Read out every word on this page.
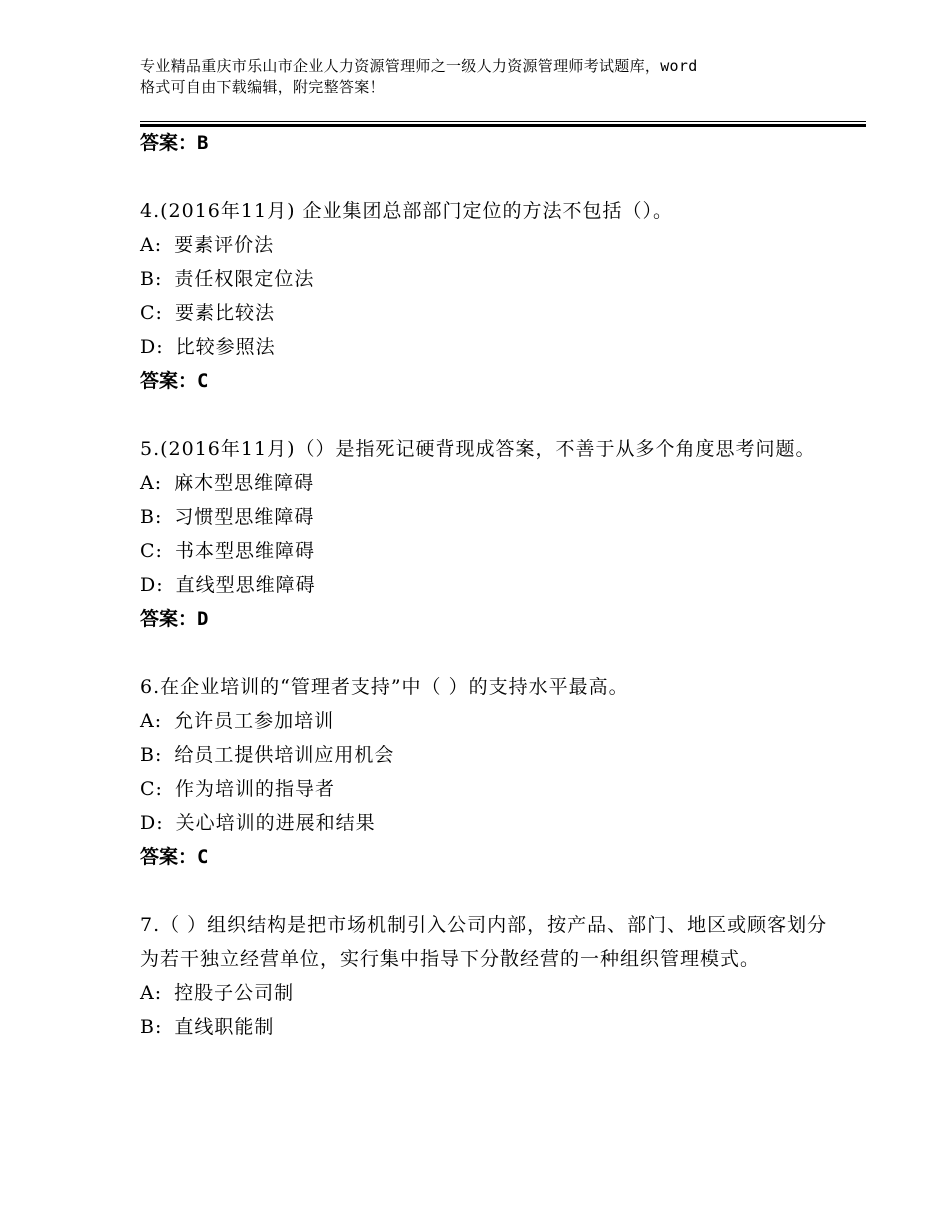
专业精品重庆市乐山市企业人力资源管理师之一级人力资源管理师考试题库，word
格式可自由下载编辑，附完整答案！

答案：B

4.(2016年11月) 企业集团总部部门定位的方法不包括（）。

A: 要素评价法

B: 责任权限定位法

C: 要素比较法

D: 比较参照法

答案：C

5.(2016年11月)（）是指死记硬背现成答案，不善于从多个角度思考问题。

A: 麻木型思维障碍

B: 习惯型思维障碍

C: 书本型思维障碍

D: 直线型思维障碍

答案：D

6.在企业培训的“管理者支持”中（ ）的支持水平最高。

A: 允许员工参加培训

B: 给员工提供培训应用机会

C: 作为培训的指导者

D: 关心培训的进展和结果

答案：C

7.（ ）组织结构是把市场机制引入公司内部，按产品、部门、地区或顾客划分为若干独立经营单位，实行集中指导下分散经营的一种组织管理模式。

A: 控股子公司制

B: 直线职能制
